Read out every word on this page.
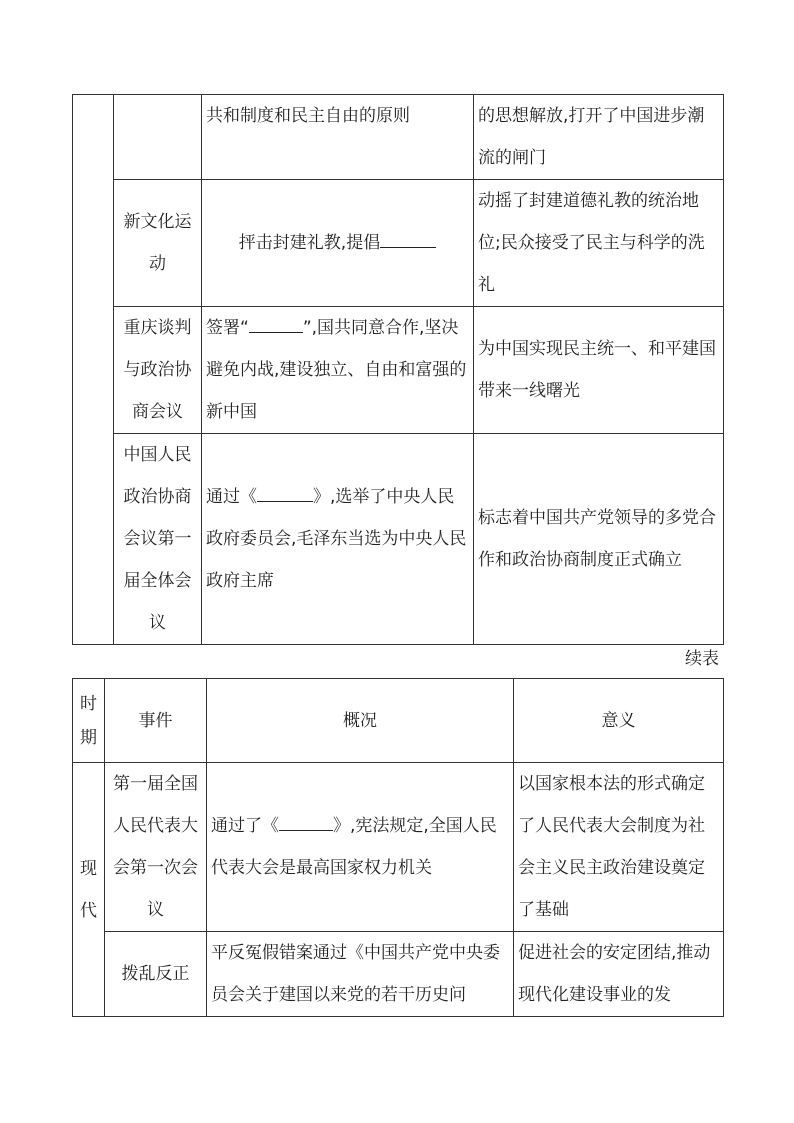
		共和制度和民主自由的原则	的思想解放,打开了中国进步潮流的闸门
	新文化运动	抨击封建礼教,提倡	动摇了封建道德礼教的统治地位;民众接受了民主与科学的洗礼
	重庆谈判与政治协商会议	签署“ ”,国共同意合作,坚决避免内战,建设独立、自由和富强的新中国	为中国实现民主统一、和平建国带来一线曙光
	中国人民政治协商会议第一届全体会议	通过《 》,选举了中央人民政府委员会,毛泽东当选为中央人民政府主席	标志着中国共产党领导的多党合作和政治协商制度正式确立
续表
时期	事件	概况	意义
现代	第一届全国人民代表大会第一次会议	通过了《 》,宪法规定,全国人民代表大会是最高国家权力机关	以国家根本法的形式确定了人民代表大会制度为社会主义民主政治建设奠定了基础
	拨乱反正	平反冤假错案通过《中国共产党中央委员会关于建国以来党的若干历史问	促进社会的安定团结,推动现代化建设事业的发
